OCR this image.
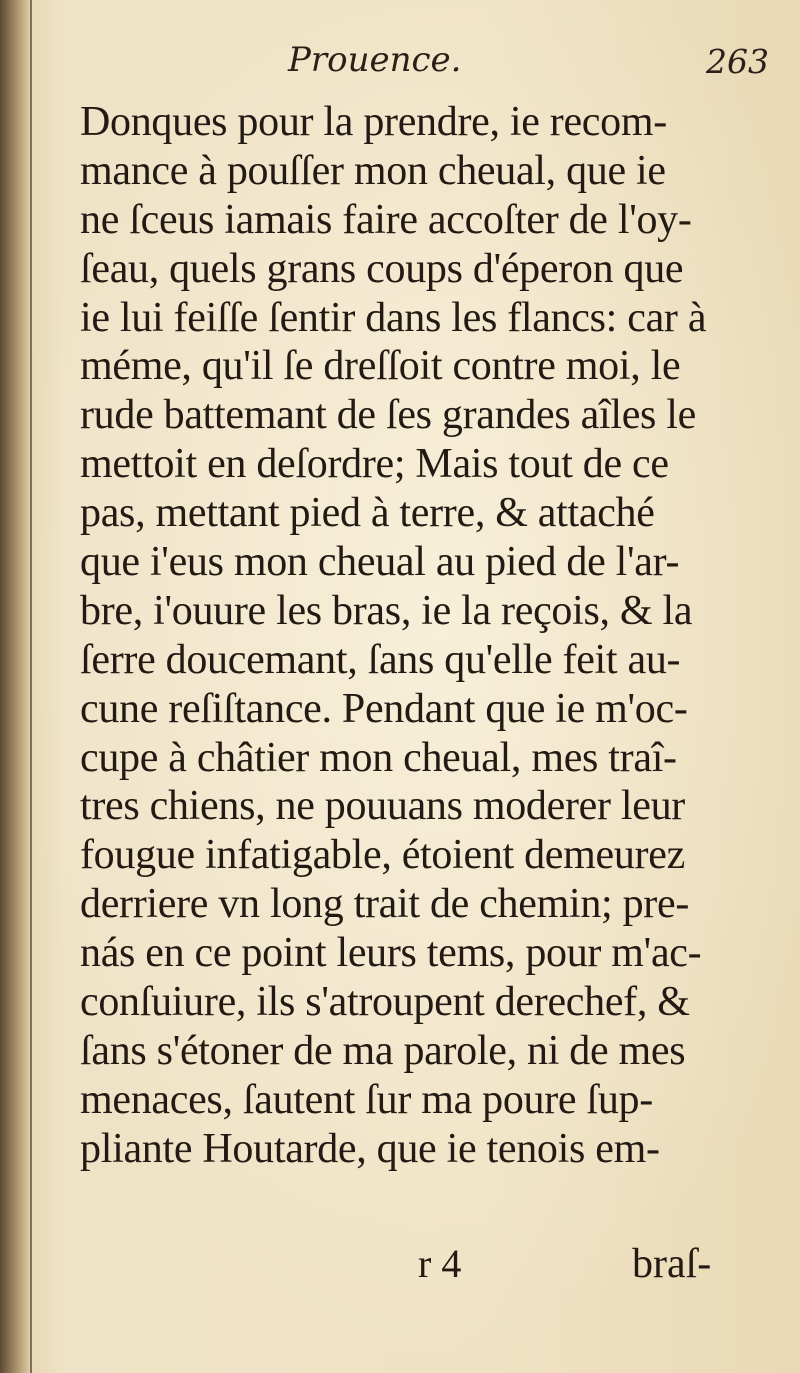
Prouence.	263
Donques pour la prendre, ie recom-
mance à pouſſer mon cheual, que ie
ne ſceus iamais faire accoſter de l'oy-
ſeau, quels grans coups d'éperon que
ie lui feiſſe ſentir dans les flancs: car à
méme, qu'il ſe dreſſoit contre moi, le
rude battemant de ſes grandes aîles le
mettoit en deſordre; Mais tout de ce
pas, mettant pied à terre, & attaché
que i'eus mon cheual au pied de l'ar-
bre, i'ouure les bras, ie la reçois, & la
ſerre doucemant, ſans qu'elle feit au-
cune reſiſtance. Pendant que ie m'oc-
cupe à châtier mon cheual, mes traî-
tres chiens, ne pouuans moderer leur
fougue infatigable, étoient demeurez
derriere vn long trait de chemin; pre-
nás en ce point leurs tems, pour m'ac-
conſuiure, ils s'atroupent derechef, &
ſans s'étoner de ma parole, ni de mes
menaces, ſautent ſur ma poure ſup-
pliante Houtarde, que ie tenois em-
r 4	braſ-
